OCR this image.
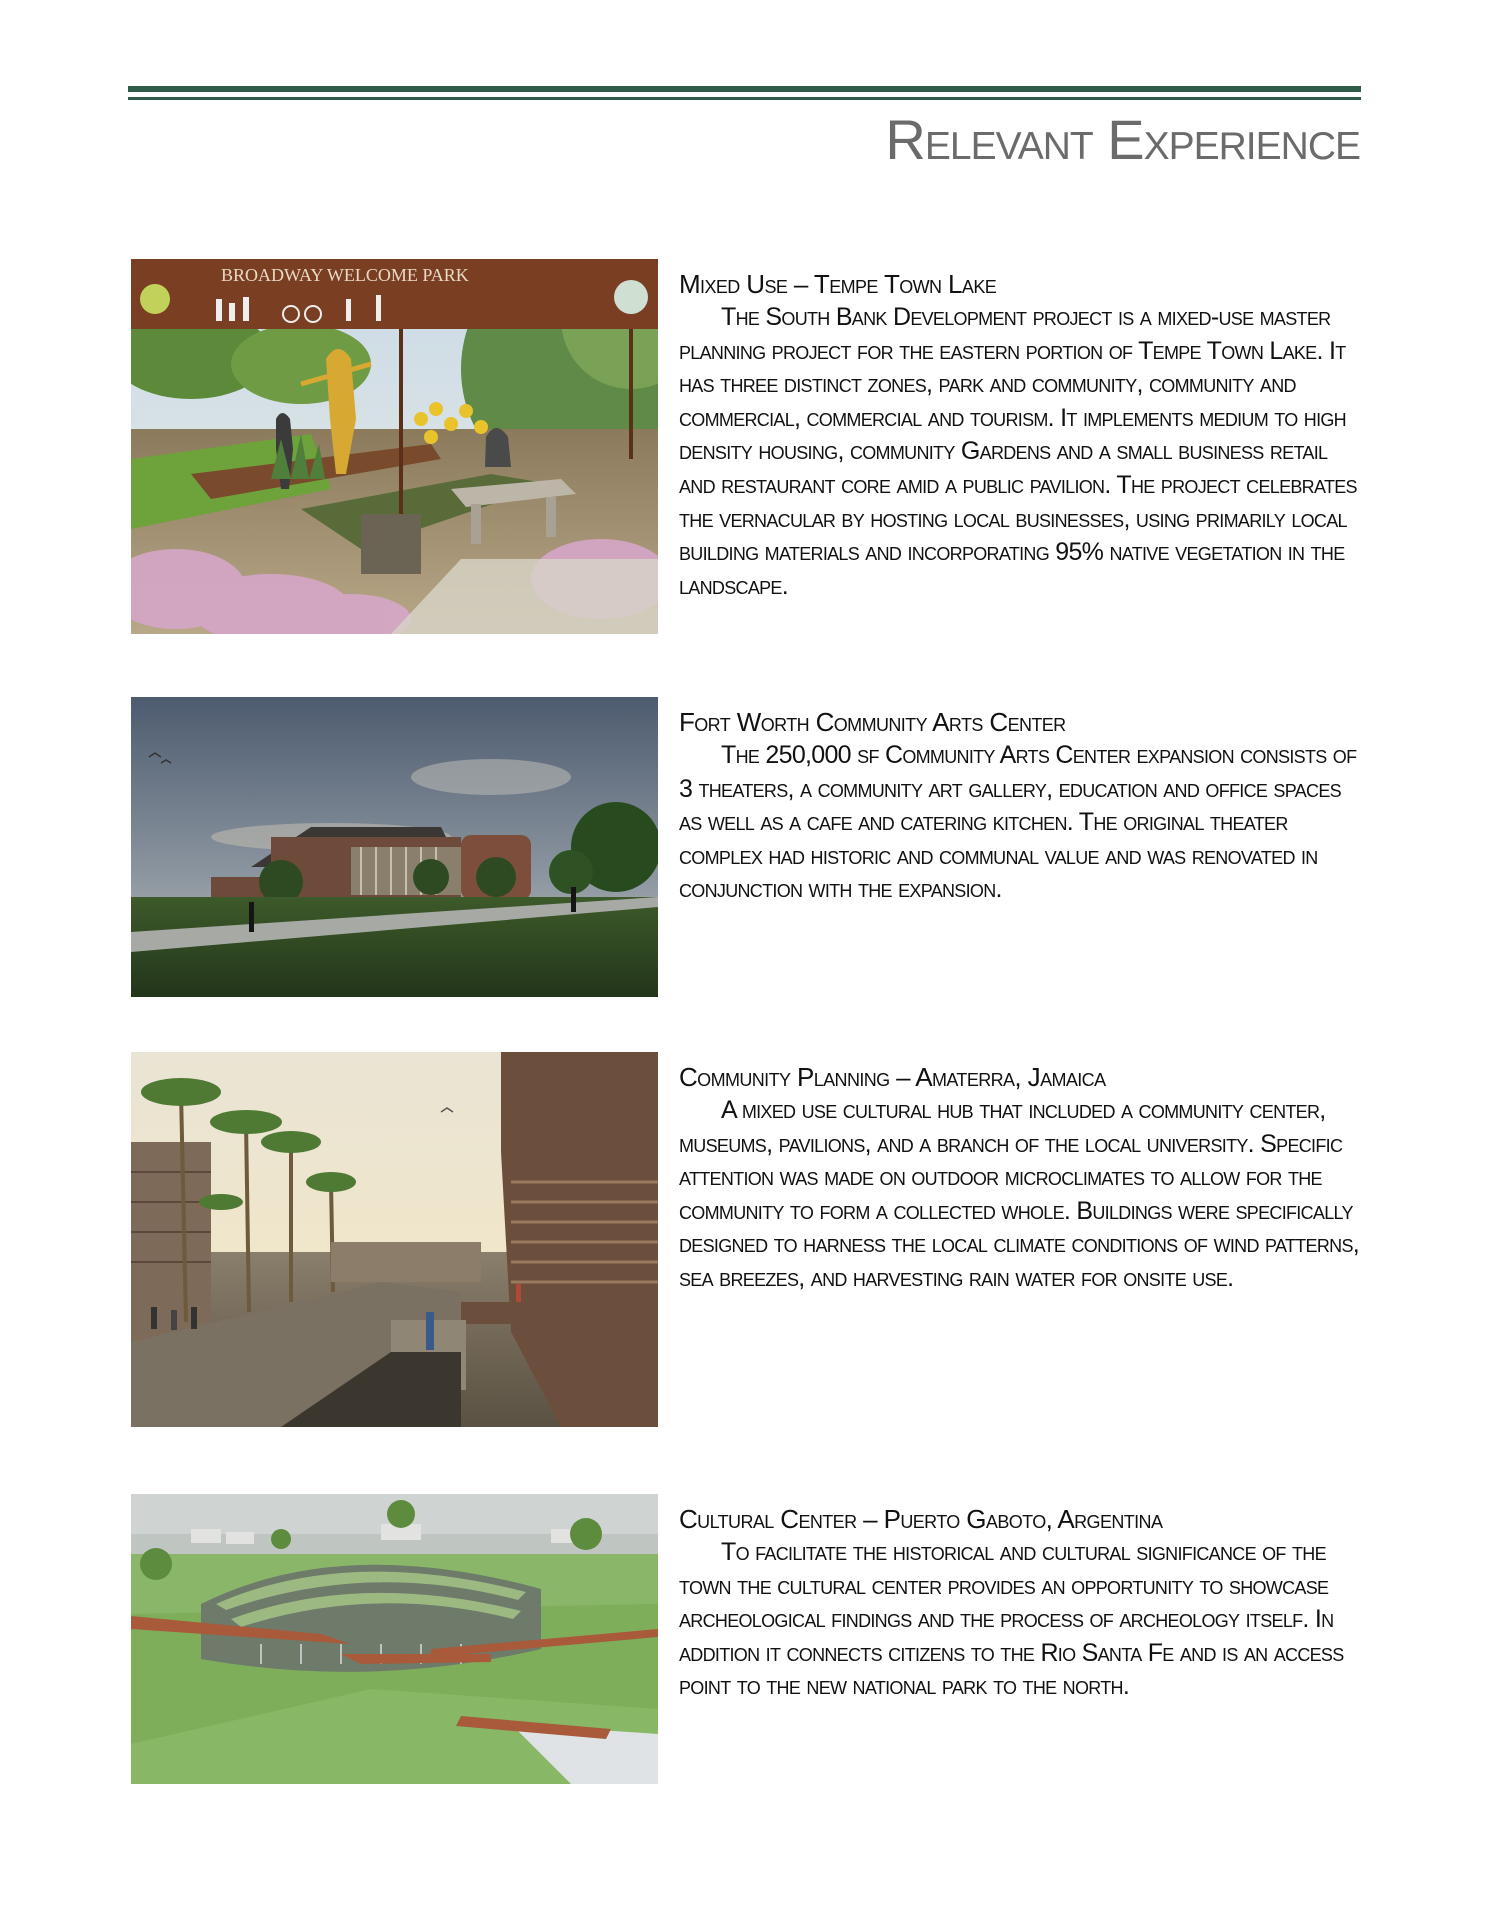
Relevant Experience
BROADWAY WELCOME PARK	Mixed Use – Tempe Town Lake

The South Bank Development project is a mixed-use master planning project for the eastern portion of Tempe Town Lake. It has three distinct zones, park and community, community and commercial, commercial and tourism. It implements medium to high density housing, community Gardens and a small business retail and restaurant core amid a public pavilion. The project celebrates the vernacular by hosting local businesses, using primarily local building materials and incorporating 95% native vegetation in the landscape.

Fort Worth Community Arts Center

The 250,000 sf Community Arts Center expansion consists of 3 theaters, a community art gallery, education and office spaces as well as a cafe and catering kitchen. The original theater complex had historic and communal value and was renovated in conjunction with the expansion.

Community Planning – Amaterra, Jamaica

A mixed use cultural hub that included a community center, museums, pavilions, and a branch of the local university. Specific attention was made on outdoor microclimates to allow for the community to form a collected whole. Buildings were specifically designed to harness the local climate conditions of wind patterns, sea breezes, and harvesting rain water for onsite use.

Cultural Center – Puerto Gaboto, Argentina

To facilitate the historical and cultural significance of the town the cultural center provides an opportunity to showcase archeological findings and the process of archeology itself. In addition it connects citizens to the Rio Santa Fe and is an access point to the new national park to the north.
